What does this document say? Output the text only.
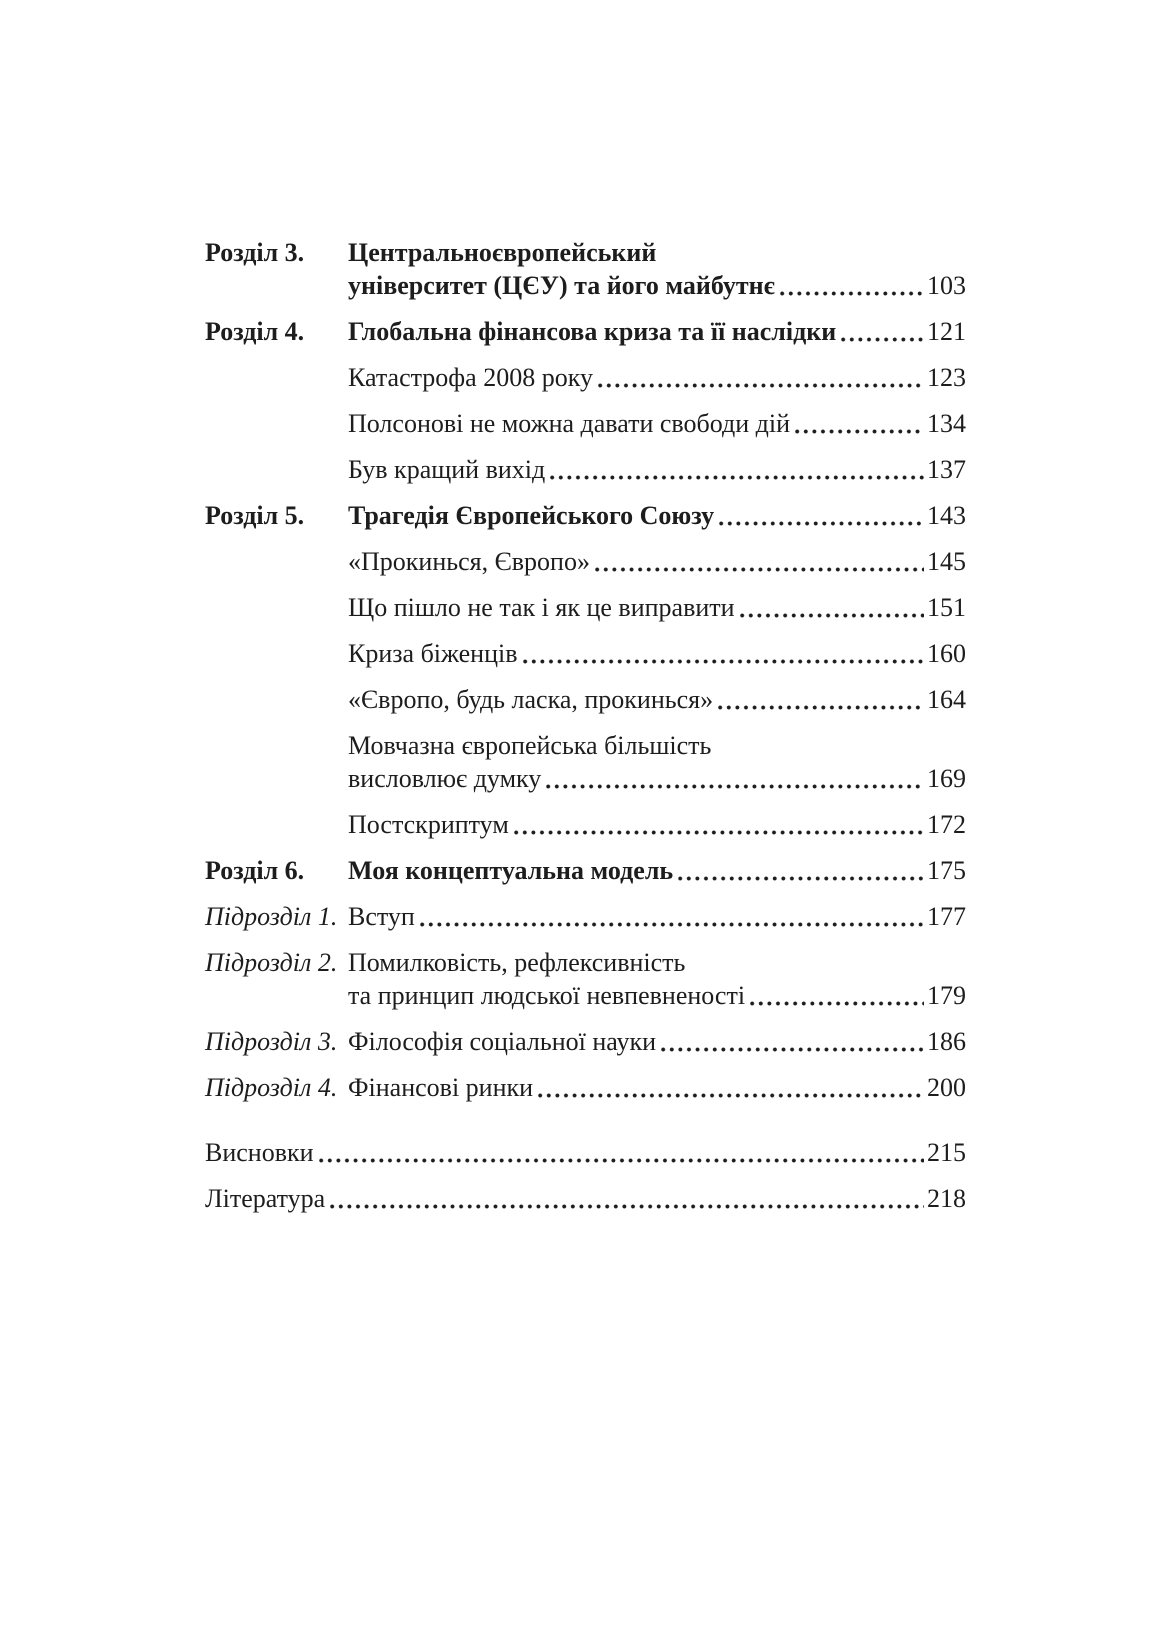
Розділ 3.	Центральноєвропейський
університет (ЦЄУ) та його майбутнє	103
Розділ 4.	Глобальна фінансова криза та її наслідки	121
Катастрофа 2008 року	123
Полсонові не можна давати свободи дій	134
Був кращий вихід	137
Розділ 5.	Трагедія Європейського Союзу	143
«Прокинься, Європо»	145
Що пішло не так і як це виправити	151
Криза біженців	160
«Європо, будь ласка, прокинься»	164
Мовчазна європейська більшість
висловлює думку	169
Постскриптум	172
Розділ 6.	Моя концептуальна модель	175
Підрозділ 1. Вступ	177
Підрозділ 2. Помилковість, рефлексивність
та принцип людської невпевненості	179
Підрозділ 3. Філософія соціальної науки	186
Підрозділ 4. Фінансові ринки	200
Висновки	215
Література	218
